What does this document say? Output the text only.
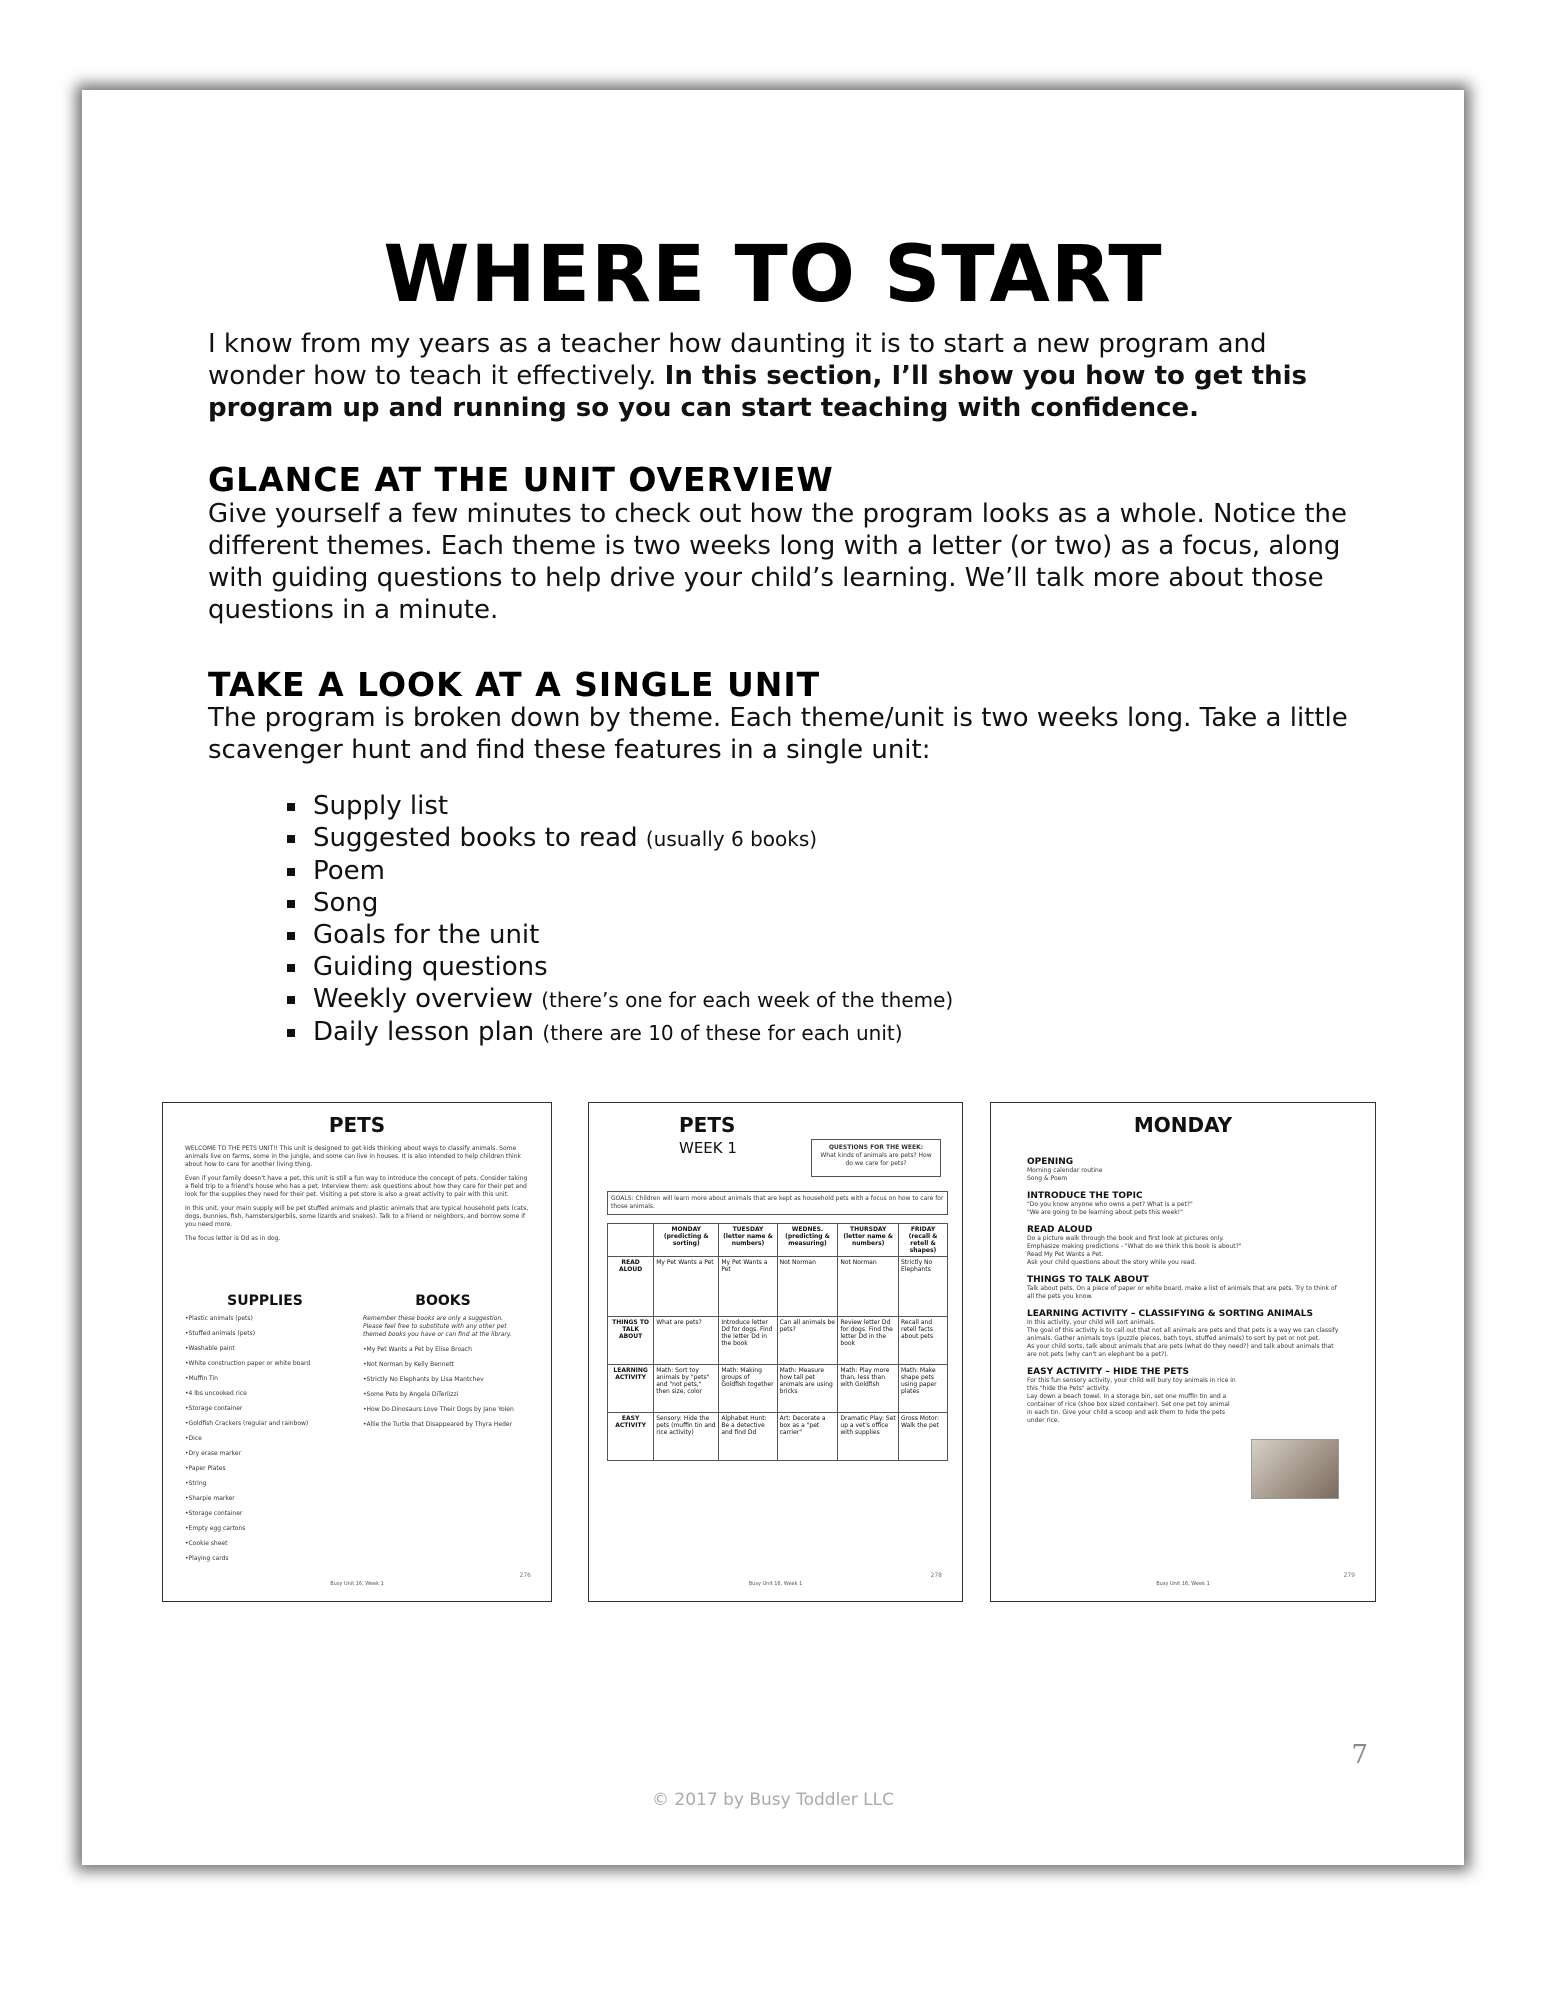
WHERE TO START

I know from my years as a teacher how daunting it is to start a new program and wonder how to teach it effectively. In this section, I’ll show you how to get this program up and running so you can start teaching with confidence.

GLANCE AT THE UNIT OVERVIEW

Give yourself a few minutes to check out how the program looks as a whole. Notice the different themes. Each theme is two weeks long with a letter (or two) as a focus, along with guiding questions to help drive your child’s learning. We’ll talk more about those questions in a minute.

TAKE A LOOK AT A SINGLE UNIT

The program is broken down by theme. Each theme/unit is two weeks long. Take a little scavenger hunt and find these features in a single unit:

Supply list
Suggested books to read (usually 6 books)
Poem
Song
Goals for the unit
Guiding questions
Weekly overview (there’s one for each week of the theme)
Daily lesson plan (there are 10 of these for each unit)
PETS
WELCOME TO THE PETS UNIT!! This unit is designed to get kids thinking about ways to classify animals. Some animals live on farms, some in the jungle, and some can live in houses. It is also intended to help children think about how to care for another living thing.
Even if your family doesn't have a pet, this unit is still a fun way to introduce the concept of pets. Consider taking a field trip to a friend's house who has a pet. Interview them: ask questions about how they care for their pet and look for the supplies they need for their pet. Visiting a pet store is also a great activity to pair with this unit.
In this unit, your main supply will be pet stuffed animals and plastic animals that are typical household pets (cats, dogs, bunnies, fish, hamsters/gerbils, some lizards and snakes). Talk to a friend or neighbors, and borrow some if you need more.
The focus letter is Dd as in dog.
SUPPLIES
•Plastic animals (pets)
•Stuffed animals (pets)
•Washable paint
•White construction paper or white board
•Muffin Tin
•4 lbs uncooked rice
•Storage container
•Goldfish Crackers (regular and rainbow)
•Dice
•Dry erase marker
•Paper Plates
•String
•Sharpie marker
•Storage container
•Empty egg cartons
•Cookie sheet
•Playing cards
BOOKS
Remember these books are only a suggestion. Please feel free to substitute with any other pet themed books you have or can find at the library.
•My Pet Wants a Pet by Elise Broach
•Not Norman by Kelly Bennett
•Strictly No Elephants by Lisa Mantchev
•Some Pets by Angela DiTerlizzi
•How Do Dinosaurs Love Their Dogs by Jane Yolen
•Allie the Turtle that Disappeared by Thyra Heder
Busy Unit 16, Week 1
276
PETS
WEEK 1	QUESTIONS FOR THE WEEK:
What kinds of animals are pets? How do we care for pets?
GOALS: Children will learn more about animals that are kept as household pets with a focus on how to care for those animals.
	MONDAY (predicting & sorting)	TUESDAY (letter name & numbers)	WEDNES. (predicting & measuring)	THURSDAY (letter name & numbers)	FRIDAY (recall & retell & shapes)
READ ALOUD	My Pet Wants a Pet	My Pet Wants a Pet	Not Norman	Not Norman	Strictly No Elephants
THINGS TO TALK ABOUT	What are pets?	Introduce letter Dd for dogs. Find the letter Dd in the book	Can all animals be pets?	Review letter Dd for dogs. Find the letter Dd in the book	Recall and retell facts about pets
LEARNING ACTIVITY	Math: Sort toy animals by "pets" and "not pets," then size, color	Math: Making groups of Goldfish together	Math: Measure how tall pet animals are using bricks	Math: Play more than, less than with Goldfish	Math: Make shape pets using paper plates
EASY ACTIVITY	Sensory: Hide the pets (muffin tin and rice activity)	Alphabet Hunt: Be a detective and find Dd	Art: Decorate a box as a "pet carrier"	Dramatic Play: Set up a vet's office with supplies	Gross Motor: Walk the pet
Busy Unit 16, Week 1
278
MONDAY
OPENING
Morning calendar routine
Song & Poem
INTRODUCE THE TOPIC
"Do you know anyone who owns a pet? What is a pet?"
"We are going to be learning about pets this week!"
READ ALOUD
Do a picture walk through the book and first look at pictures only.
Emphasize making predictions - "What do we think this book is about?"
Read My Pet Wants a Pet.
Ask your child questions about the story while you read.
THINGS TO TALK ABOUT
Talk about pets. On a piece of paper or white board, make a list of animals that are pets. Try to think of all the pets you know.
LEARNING ACTIVITY – CLASSIFYING & SORTING ANIMALS
In this activity, your child will sort animals.
The goal of this activity is to call out that not all animals are pets and that pets is a way we can classify animals. Gather animals toys (puzzle pieces, bath toys, stuffed animals) to sort by pet or not pet.
As your child sorts, talk about animals that are pets (what do they need?) and talk about animals that are not pets (why can't an elephant be a pet?).
EASY ACTIVITY – HIDE THE PETS
For this fun sensory activity, your child will bury toy animals in rice in this "hide the Pets" activity.
Lay down a beach towel. In a storage bin, set one muffin tin and a container of rice (shoe box sized container). Set one pet toy animal in each tin. Give your child a scoop and ask them to hide the pets under rice.
Busy Unit 16, Week 1
279
7
© 2017 by Busy Toddler LLC
